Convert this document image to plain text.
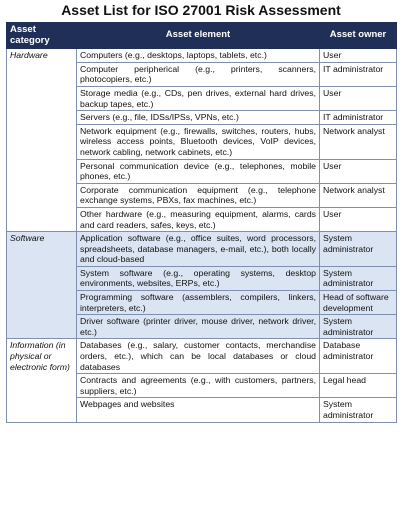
Asset List for ISO 27001 Risk Assessment
Asset category	Asset element	Asset owner
Hardware	Computers (e.g., desktops, laptops, tablets, etc.)	User
	Computer peripherical (e.g., printers, scanners, photocopiers, etc.)	IT administrator
	Storage media (e.g., CDs, pen drives, external hard drives, backup tapes, etc.)	User
	Servers (e.g., file, IDSs/IPSs, VPNs, etc.)	IT administrator
	Network equipment (e.g., firewalls, switches, routers, hubs, wireless access points, Bluetooth devices, VoIP devices, network cabling, network cabinets, etc.)	Network analyst
	Personal communication device (e.g., telephones, mobile phones, etc.)	User
	Corporate communication equipment (e.g., telephone exchange systems, PBXs, fax machines, etc.)	Network analyst
	Other hardware (e.g., measuring equipment, alarms, cards and card readers, safes, keys, etc.)	User
Software	Application software (e.g., office suites, word processors, spreadsheets, database managers, e-mail, etc.), both locally and cloud-based	System administrator
	System software (e.g., operating systems, desktop environments, websites, ERPs, etc.)	System administrator
	Programming software (assemblers, compilers, linkers, interpreters, etc.)	Head of software development
	Driver software (printer driver, mouse driver, network driver, etc.)	System administrator
Information (in physical or electronic form)	Databases (e.g., salary, customer contacts, merchandise orders, etc.), which can be local databases or cloud databases	Database administrator
	Contracts and agreements (e.g., with customers, partners, suppliers, etc.)	Legal head
	Webpages and websites	System administrator
